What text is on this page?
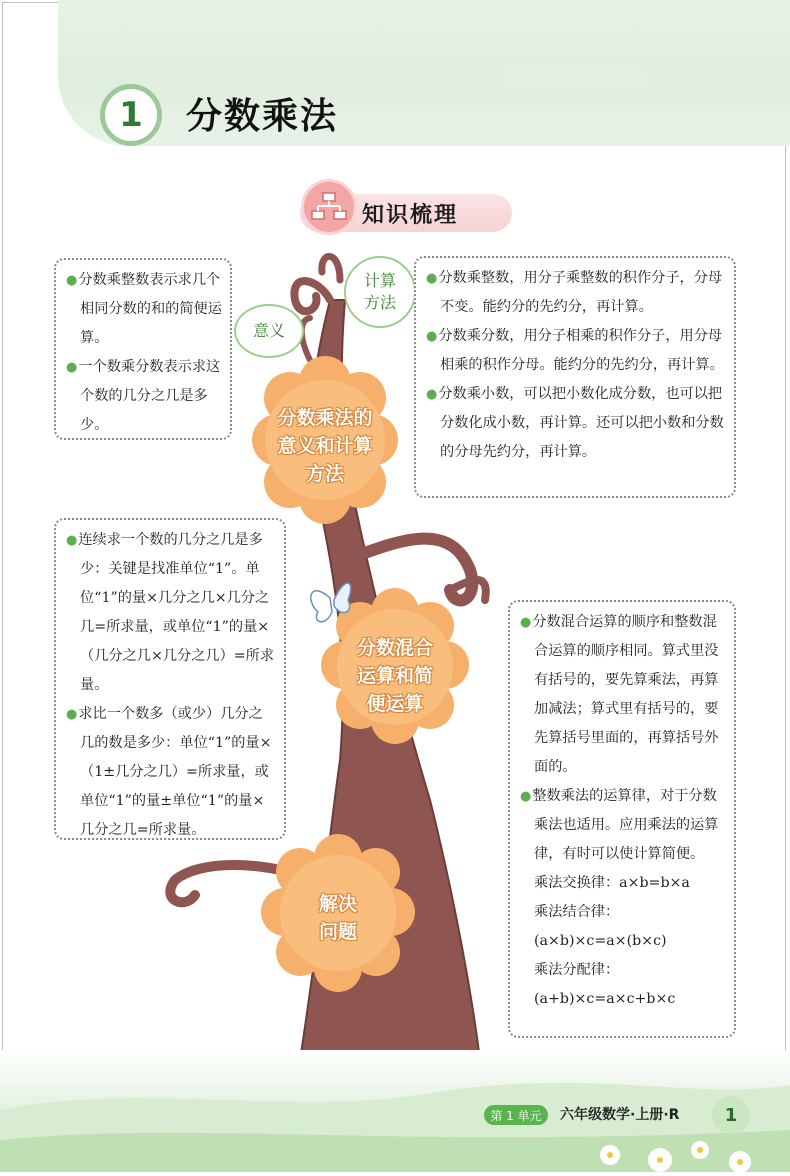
1	分数乘法
知识梳理
意义
计算
方法
分数乘法的
意义和计算
方法
分数混合
运算和简
便运算
解决
问题

●分数乘整数表示求几个相同分数的和的简便运算。

●一个数乘分数表示求这个数的几分之几是多少。

●分数乘整数，用分子乘整数的积作分子，分母不变。能约分的先约分，再计算。

●分数乘分数，用分子相乘的积作分子，用分母相乘的积作分母。能约分的先约分，再计算。

●分数乘小数，可以把小数化成分数，也可以把分数化成小数，再计算。还可以把小数和分数的分母先约分，再计算。

●连续求一个数的几分之几是多少：关键是找准单位“1”。单位“1”的量×几分之几×几分之几=所求量，或单位“1”的量×（几分之几×几分之几）=所求量。

●求比一个数多（或少）几分之几的数是多少：单位“1”的量×（1±几分之几）=所求量，或单位“1”的量±单位“1”的量×几分之几=所求量。

●分数混合运算的顺序和整数混合运算的顺序相同。算式里没有括号的，要先算乘法，再算加减法；算式里有括号的，要先算括号里面的，再算括号外面的。

●整数乘法的运算律，对于分数乘法也适用。应用乘法的运算律，有时可以使计算简便。

乘法交换律：a×b=b×a

乘法结合律：(a×b)×c=a×(b×c)

乘法分配律：(a+b)×c=a×c+b×c

第 1 单元	六年级数学·上册·R	1
